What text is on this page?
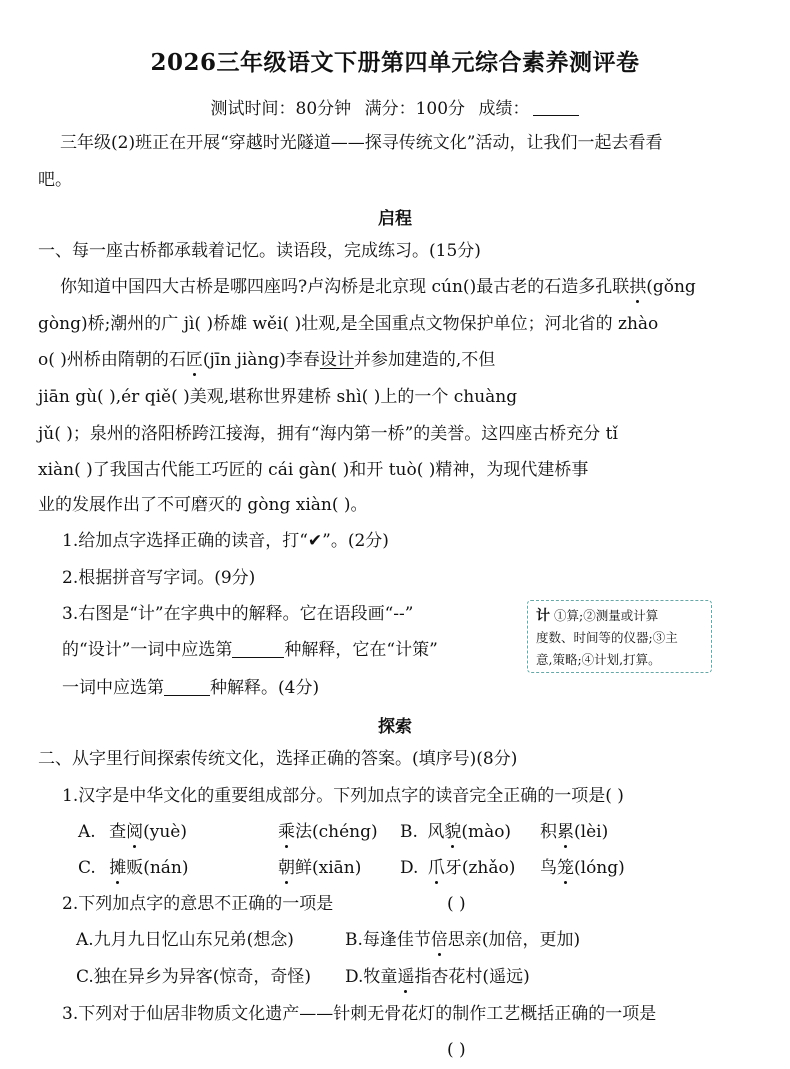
2026三年级语文下册第四单元综合素养测评卷
测试时间：80分钟 满分：100分 成绩：
三年级(2)班正在开展“穿越时光隧道——探寻传统文化”活动，让我们一起去看看
吧。
启程
一、每一座古桥都承载着记忆。读语段，完成练习。(15分)
你知道中国四大古桥是哪四座吗?卢沟桥是北京现 cún()最古老的石造多孔联拱(gǒng
gòng)桥;潮州的广 jì( )桥雄 wěi( )壮观,是全国重点文物保护单位；河北省的 zhào
o( )州桥由隋朝的石匠(jīn jiàng)李春设计并参加建造的,不但
jiān gù( ),ér qiě( )美观,堪称世界建桥 shì( )上的一个 chuàng
jǔ( )；泉州的洛阳桥跨江接海，拥有“海内第一桥”的美誉。这四座古桥充分 tǐ
xiàn( )了我国古代能工巧匠的 cái gàn( )和开 tuò( )精神，为现代建桥事
业的发展作出了不可磨灭的 gòng xiàn( )。
1.给加点字选择正确的读音，打“✔”。(2分)
2.根据拼音写字词。(9分)
3.右图是“计”在字典中的解释。它在语段画“--”
的“设计”一词中应选第	种解释，它在“计策”
一词中应选第	种解释。(4分)
计 ①算;②测量或计算
度数、时间等的仪器;③主
意,策略;④计划,打算。
探索
二、从字里行间探索传统文化，选择正确的答案。(填序号)(8分)
1.汉字是中华文化的重要组成部分。下列加点字的读音完全正确的一项是( )
A. 查阅(yuè)	乘法(chéng) B. 风貌(mào) 积累(lèi)
C. 摊贩(nán)	朝鲜(xiān) D. 爪牙(zhǎo) 鸟笼(lóng)
2.下列加点字的意思不正确的一项是	( )
A.九月九日忆山东兄弟(想念)	B.每逢佳节倍思亲(加倍，更加)
C.独在异乡为异客(惊奇，奇怪) D.牧童遥指杏花村(遥远)
3.下列对于仙居非物质文化遗产——针刺无骨花灯的制作工艺概括正确的一项是
( )
